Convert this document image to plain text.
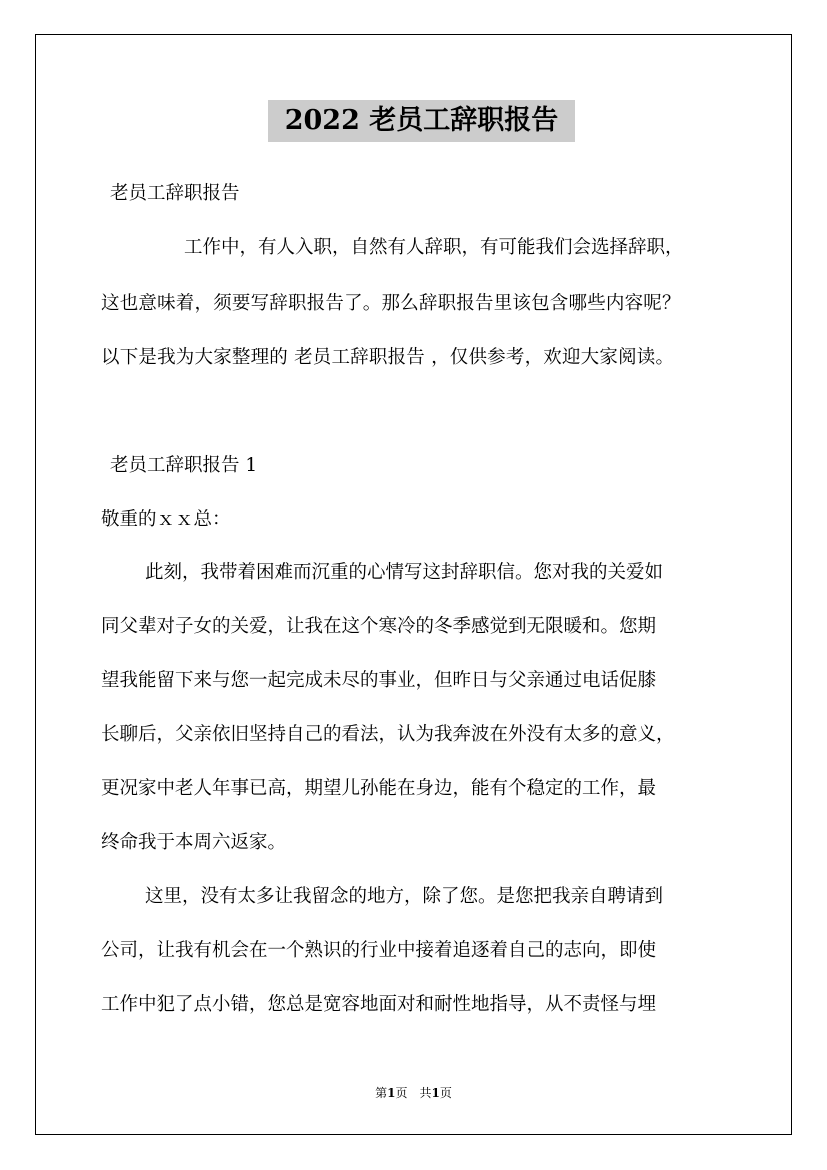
2022 老员工辞职报告

老员工辞职报告

工作中，有人入职，自然有人辞职，有可能我们会选择辞职，

这也意味着，须要写辞职报告了。那么辞职报告里该包含哪些内容呢？

以下是我为大家整理的 老员工辞职报告 ，仅供参考，欢迎大家阅读。

老员工辞职报告 1

敬重的ｘｘ总：

此刻，我带着困难而沉重的心情写这封辞职信。您对我的关爱如

同父辈对子女的关爱，让我在这个寒冷的冬季感觉到无限暖和。您期

望我能留下来与您一起完成未尽的事业，但昨日与父亲通过电话促膝

长聊后，父亲依旧坚持自己的看法，认为我奔波在外没有太多的意义，

更况家中老人年事已高，期望儿孙能在身边，能有个稳定的工作，最

终命我于本周六返家。

这里，没有太多让我留念的地方，除了您。是您把我亲自聘请到

公司，让我有机会在一个熟识的行业中接着追逐着自己的志向，即使

工作中犯了点小错，您总是宽容地面对和耐性地指导，从不责怪与埋

第1页　共1页
